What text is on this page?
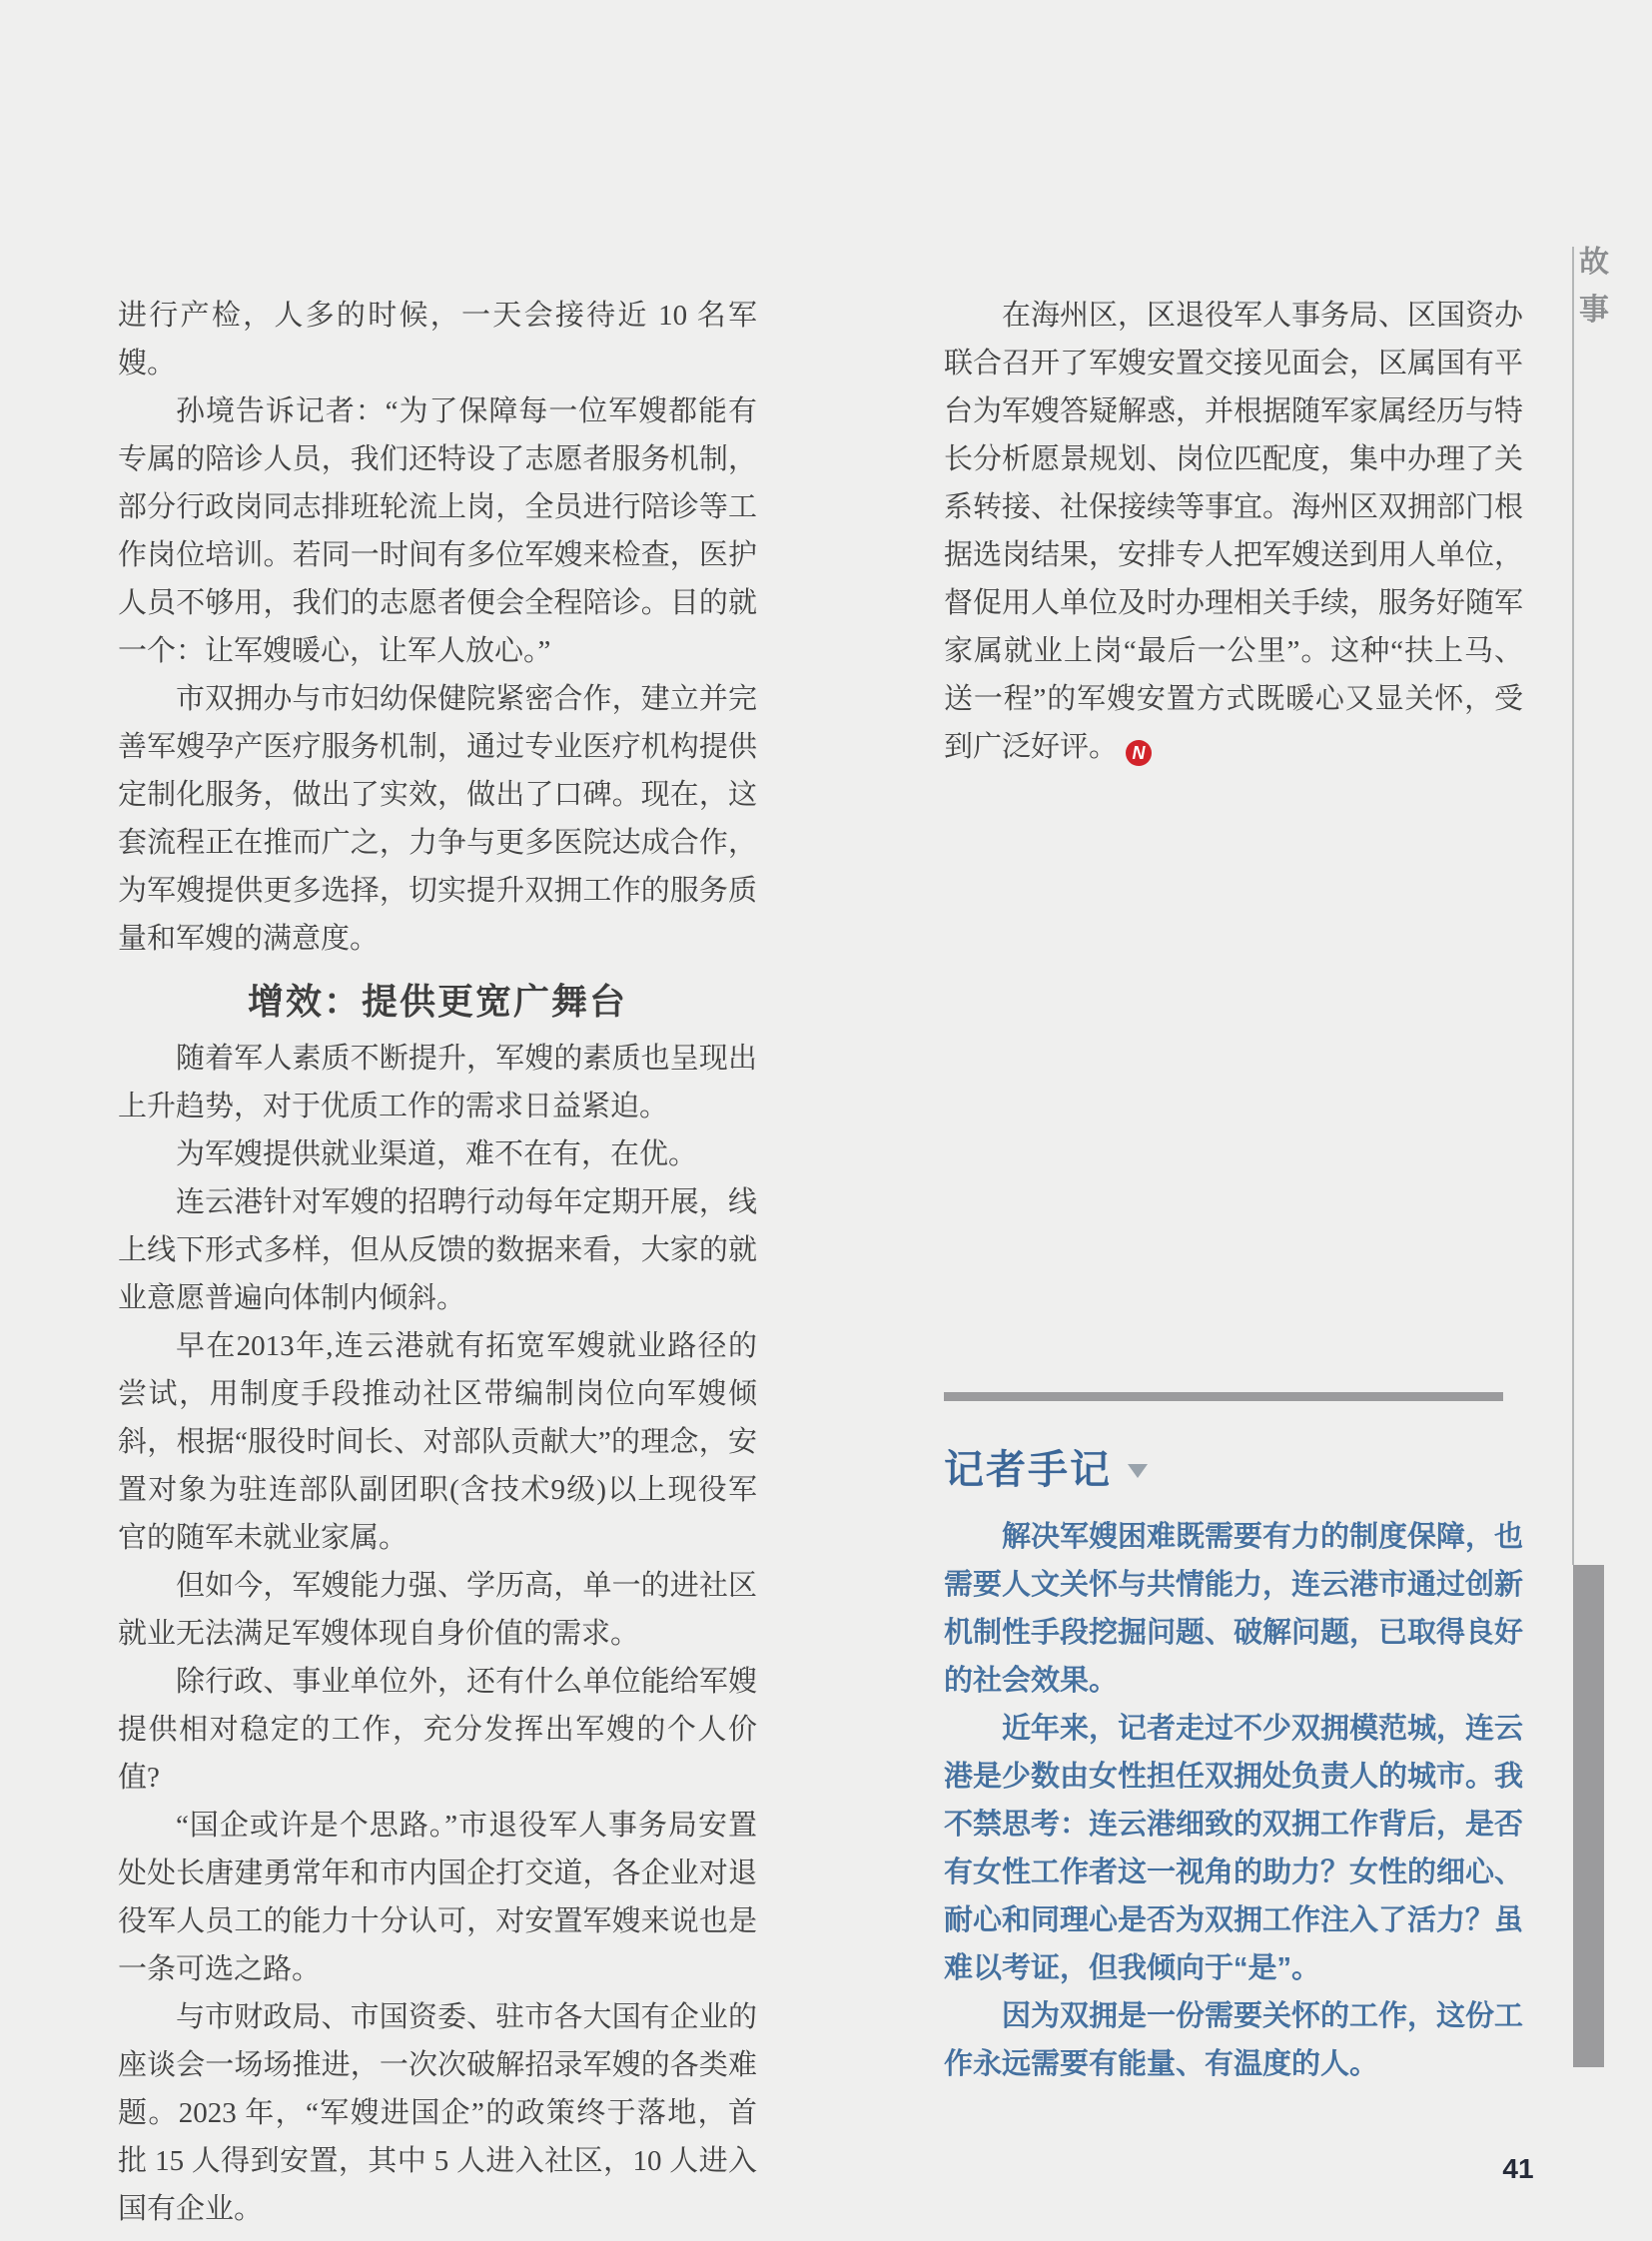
进行产检，人多的时候，一天会接待近 10 名军嫂。

孙境告诉记者：“为了保障每一位军嫂都能有专属的陪诊人员，我们还特设了志愿者服务机制，部分行政岗同志排班轮流上岗，全员进行陪诊等工作岗位培训。若同一时间有多位军嫂来检查，医护人员不够用，我们的志愿者便会全程陪诊。目的就一个：让军嫂暖心，让军人放心。”

市双拥办与市妇幼保健院紧密合作，建立并完善军嫂孕产医疗服务机制，通过专业医疗机构提供定制化服务，做出了实效，做出了口碑。现在，这套流程正在推而广之，力争与更多医院达成合作，为军嫂提供更多选择，切实提升双拥工作的服务质量和军嫂的满意度。

增效：提供更宽广舞台

随着军人素质不断提升，军嫂的素质也呈现出上升趋势，对于优质工作的需求日益紧迫。

为军嫂提供就业渠道，难不在有，在优。

连云港针对军嫂的招聘行动每年定期开展，线上线下形式多样，但从反馈的数据来看，大家的就业意愿普遍向体制内倾斜。

早在2013年,连云港就有拓宽军嫂就业路径的尝试，用制度手段推动社区带编制岗位向军嫂倾斜，根据“服役时间长、对部队贡献大”的理念，安置对象为驻连部队副团职(含技术9级)以上现役军官的随军未就业家属。

但如今，军嫂能力强、学历高，单一的进社区就业无法满足军嫂体现自身价值的需求。

除行政、事业单位外，还有什么单位能给军嫂提供相对稳定的工作，充分发挥出军嫂的个人价值?

“国企或许是个思路。”市退役军人事务局安置处处长唐建勇常年和市内国企打交道，各企业对退役军人员工的能力十分认可，对安置军嫂来说也是一条可选之路。

与市财政局、市国资委、驻市各大国有企业的座谈会一场场推进，一次次破解招录军嫂的各类难题。2023 年，“军嫂进国企”的政策终于落地，首批 15 人得到安置，其中 5 人进入社区，10 人进入国有企业。

在海州区，区退役军人事务局、区国资办联合召开了军嫂安置交接见面会，区属国有平台为军嫂答疑解惑，并根据随军家属经历与特长分析愿景规划、岗位匹配度，集中办理了关系转接、社保接续等事宜。海州区双拥部门根据选岗结果，安排专人把军嫂送到用人单位，督促用人单位及时办理相关手续，服务好随军家属就业上岗“最后一公里”。这种“扶上马、送一程”的军嫂安置方式既暖心又显关怀，受到广泛好评。 N

记者手记

解决军嫂困难既需要有力的制度保障，也需要人文关怀与共情能力，连云港市通过创新机制性手段挖掘问题、破解问题，已取得良好的社会效果。

近年来，记者走过不少双拥模范城，连云港是少数由女性担任双拥处负责人的城市。我不禁思考：连云港细致的双拥工作背后，是否有女性工作者这一视角的助力？女性的细心、耐心和同理心是否为双拥工作注入了活力？虽难以考证，但我倾向于“是”。

因为双拥是一份需要关怀的工作，这份工作永远需要有能量、有温度的人。

故
事
41
